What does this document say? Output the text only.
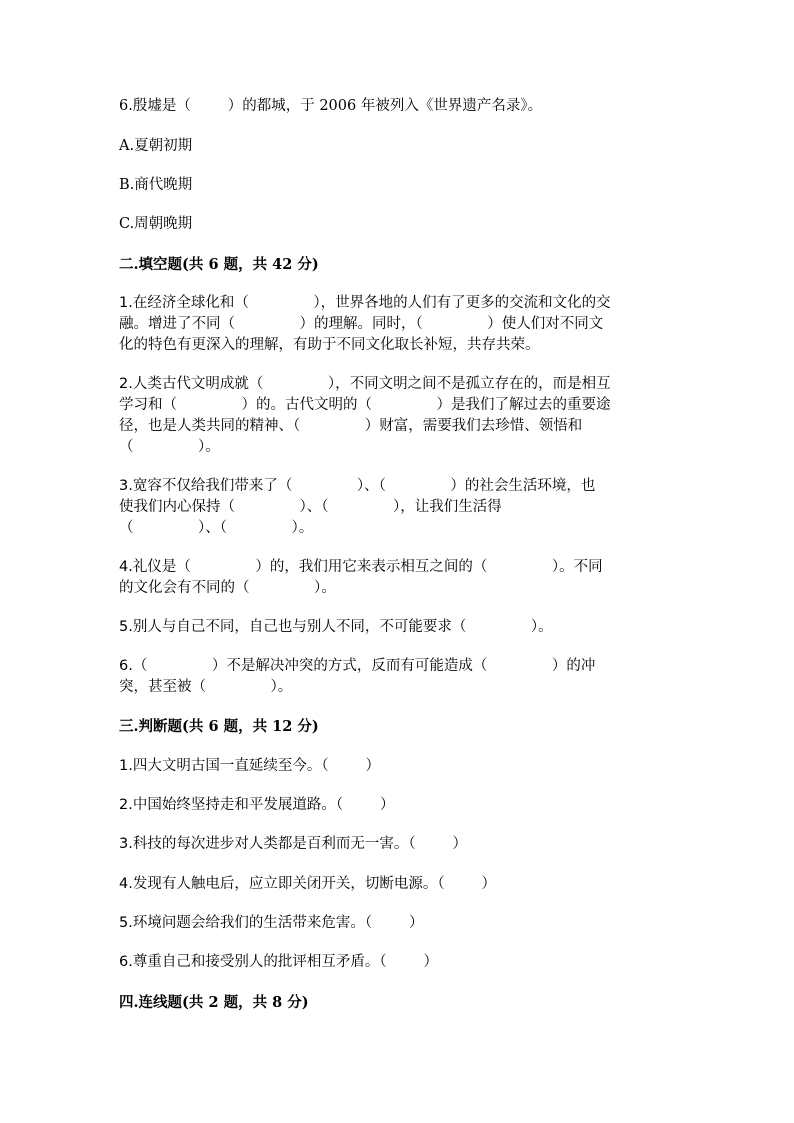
6.殷墟是（        ）的都城，于 2006 年被列入《世界遗产名录》。
A.夏朝初期
B.商代晚期
C.周朝晚期
二.填空题(共 6 题，共 42 分)
1.在经济全球化和（              ），世界各地的人们有了更多的交流和文化的交
融。增进了不同（              ）的理解。同时，（              ）使人们对不同文
化的特色有更深入的理解，有助于不同文化取长补短，共存共荣。
2.人类古代文明成就（              ），不同文明之间不是孤立存在的，而是相互
学习和（              ）的。古代文明的（              ）是我们了解过去的重要途
径，也是人类共同的精神、（              ）财富，需要我们去珍惜、领悟和
（              ）。
3.宽容不仅给我们带来了（              ）、（              ）的社会生活环境，也
使我们内心保持（              ）、（              ），让我们生活得
（              ）、（              ）。
4.礼仪是（              ）的，我们用它来表示相互之间的（              ）。不同
的文化会有不同的（              ）。
5.别人与自己不同，自己也与别人不同，不可能要求（              ）。
6.（              ）不是解决冲突的方式，反而有可能造成（              ）的冲
突，甚至被（              ）。
三.判断题(共 6 题，共 12 分)
1.四大文明古国一直延续至今。（        ）
2.中国始终坚持走和平发展道路。（        ）
3.科技的每次进步对人类都是百利而无一害。（        ）
4.发现有人触电后，应立即关闭开关，切断电源。（        ）
5.环境问题会给我们的生活带来危害。（        ）
6.尊重自己和接受别人的批评相互矛盾。（        ）
四.连线题(共 2 题，共 8 分)
